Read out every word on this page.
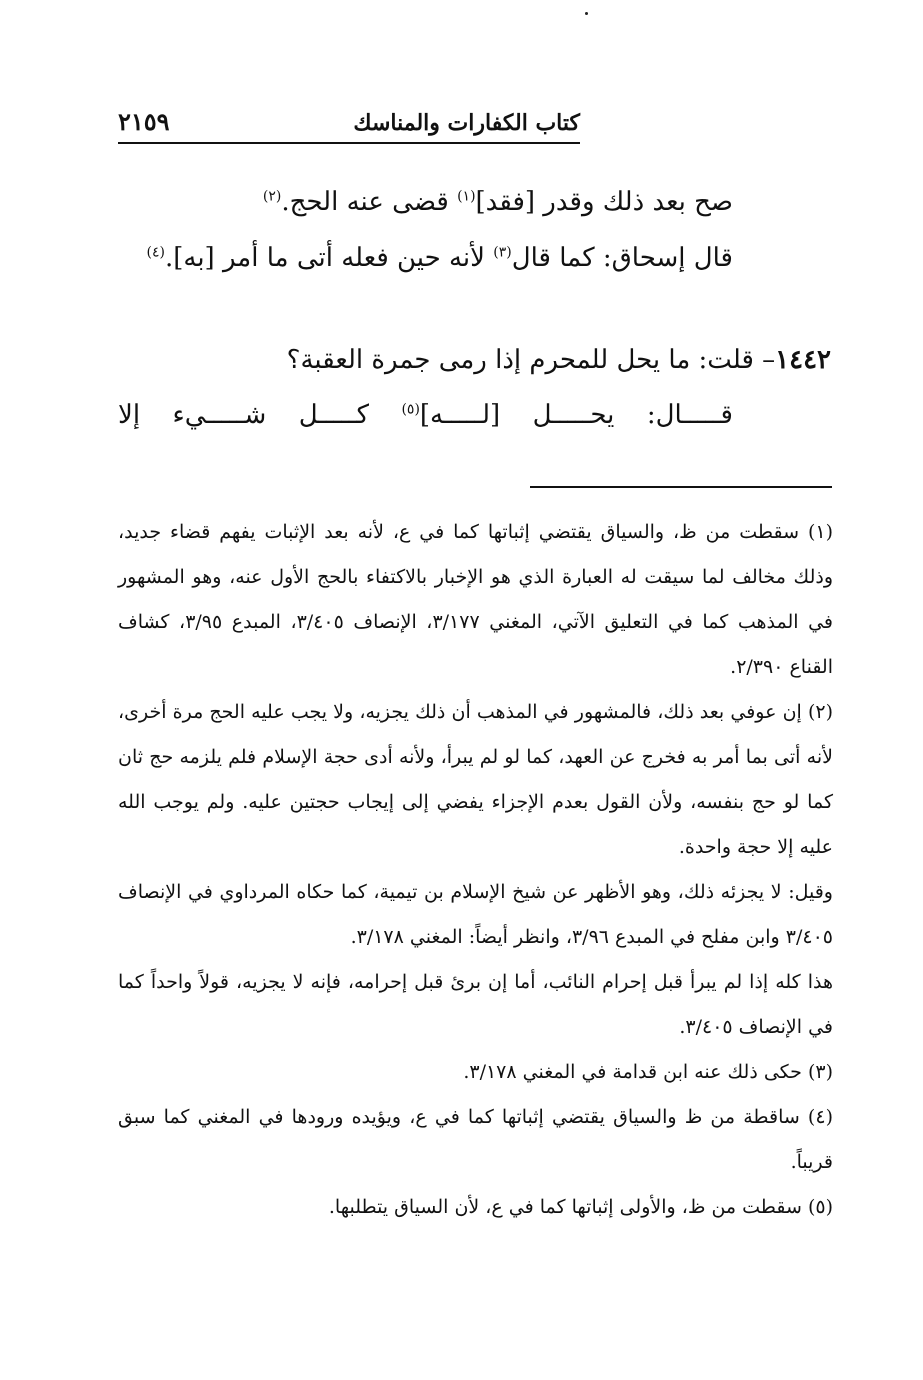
٢١٥٩	كتاب الكفارات والمناسك
صح بعد ذلك وقدر [فقد]$^{(١)}$ قضى عنه الحج.$^{(٢)}$
قال إسحاق: كما قال$^{(٣)}$ لأنه حين فعله أتى ما أمر [به].$^{(٤)}$
١٤٤٢– قلت: ما يحل للمحرم إذا رمى جمرة العقبة؟
قـــــال: يحـــــل [لـــــه]$^{(٥)}$ كـــــل شـــــيء إلا

(١) سقطت من ظ، والسياق يقتضي إثباتها كما في ع، لأنه بعد الإثبات يفهم قضاء جديد، وذلك مخالف لما سيقت له العبارة الذي هو الإخبار بالاكتفاء بالحج الأول عنه، وهو المشهور في المذهب كما في التعليق الآتي، المغني ٣/١٧٧، الإنصاف ٣/٤٠٥، المبدع ٣/٩٥، كشاف القناع ٢/٣٩٠.

(٢) إن عوفي بعد ذلك، فالمشهور في المذهب أن ذلك يجزيه، ولا يجب عليه الحج مرة أخرى، لأنه أتى بما أمر به فخرج عن العهد، كما لو لم يبرأ، ولأنه أدى حجة الإسلام فلم يلزمه حج ثان كما لو حج بنفسه، ولأن القول بعدم الإجزاء يفضي إلى إيجاب حجتين عليه. ولم يوجب الله عليه إلا حجة واحدة.

وقيل: لا يجزئه ذلك، وهو الأظهر عن شيخ الإسلام بن تيمية، كما حكاه المرداوي في الإنصاف ٣/٤٠٥ وابن مفلح في المبدع ٣/٩٦، وانظر أيضاً: المغني ٣/١٧٨.

هذا كله إذا لم يبرأ قبل إحرام النائب، أما إن برئ قبل إحرامه، فإنه لا يجزيه، قولاً واحداً كما في الإنصاف ٣/٤٠٥.

(٣) حكى ذلك عنه ابن قدامة في المغني ٣/١٧٨.

(٤) ساقطة من ظ والسياق يقتضي إثباتها كما في ع، ويؤيده ورودها في المغني كما سبق قريباً.

(٥) سقطت من ظ، والأولى إثباتها كما في ع، لأن السياق يتطلبها.
